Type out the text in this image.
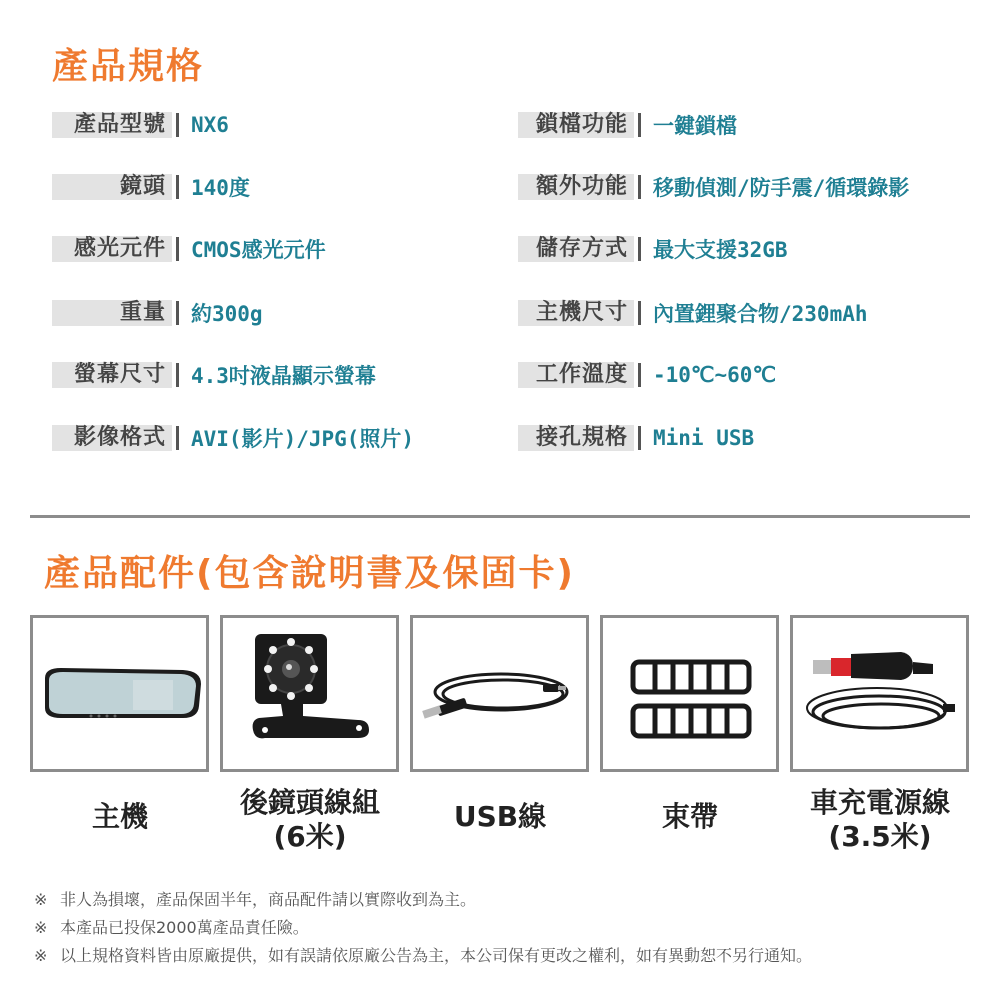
產品規格
產品型號 NX6
鏡頭 140度
感光元件 CMOS感光元件
重量 約300g
螢幕尺寸 4.3吋液晶顯示螢幕
影像格式 AVI(影片)/JPG(照片)
鎖檔功能 一鍵鎖檔
額外功能 移動偵測/防手震/循環錄影
儲存方式 最大支援32GB
主機尺寸 內置鋰聚合物/230mAh
工作溫度 -10℃~60℃
接孔規格 Mini USB
產品配件(包含說明書及保固卡)
主機	後鏡頭線組
(6米)
USB線	束帶	車充電源線
(3.5米)
※ 非人為損壞，產品保固半年，商品配件請以實際收到為主。
※ 本產品已投保2000萬產品責任險。
※ 以上規格資料皆由原廠提供，如有誤請依原廠公告為主，本公司保有更改之權利，如有異動恕不另行通知。
